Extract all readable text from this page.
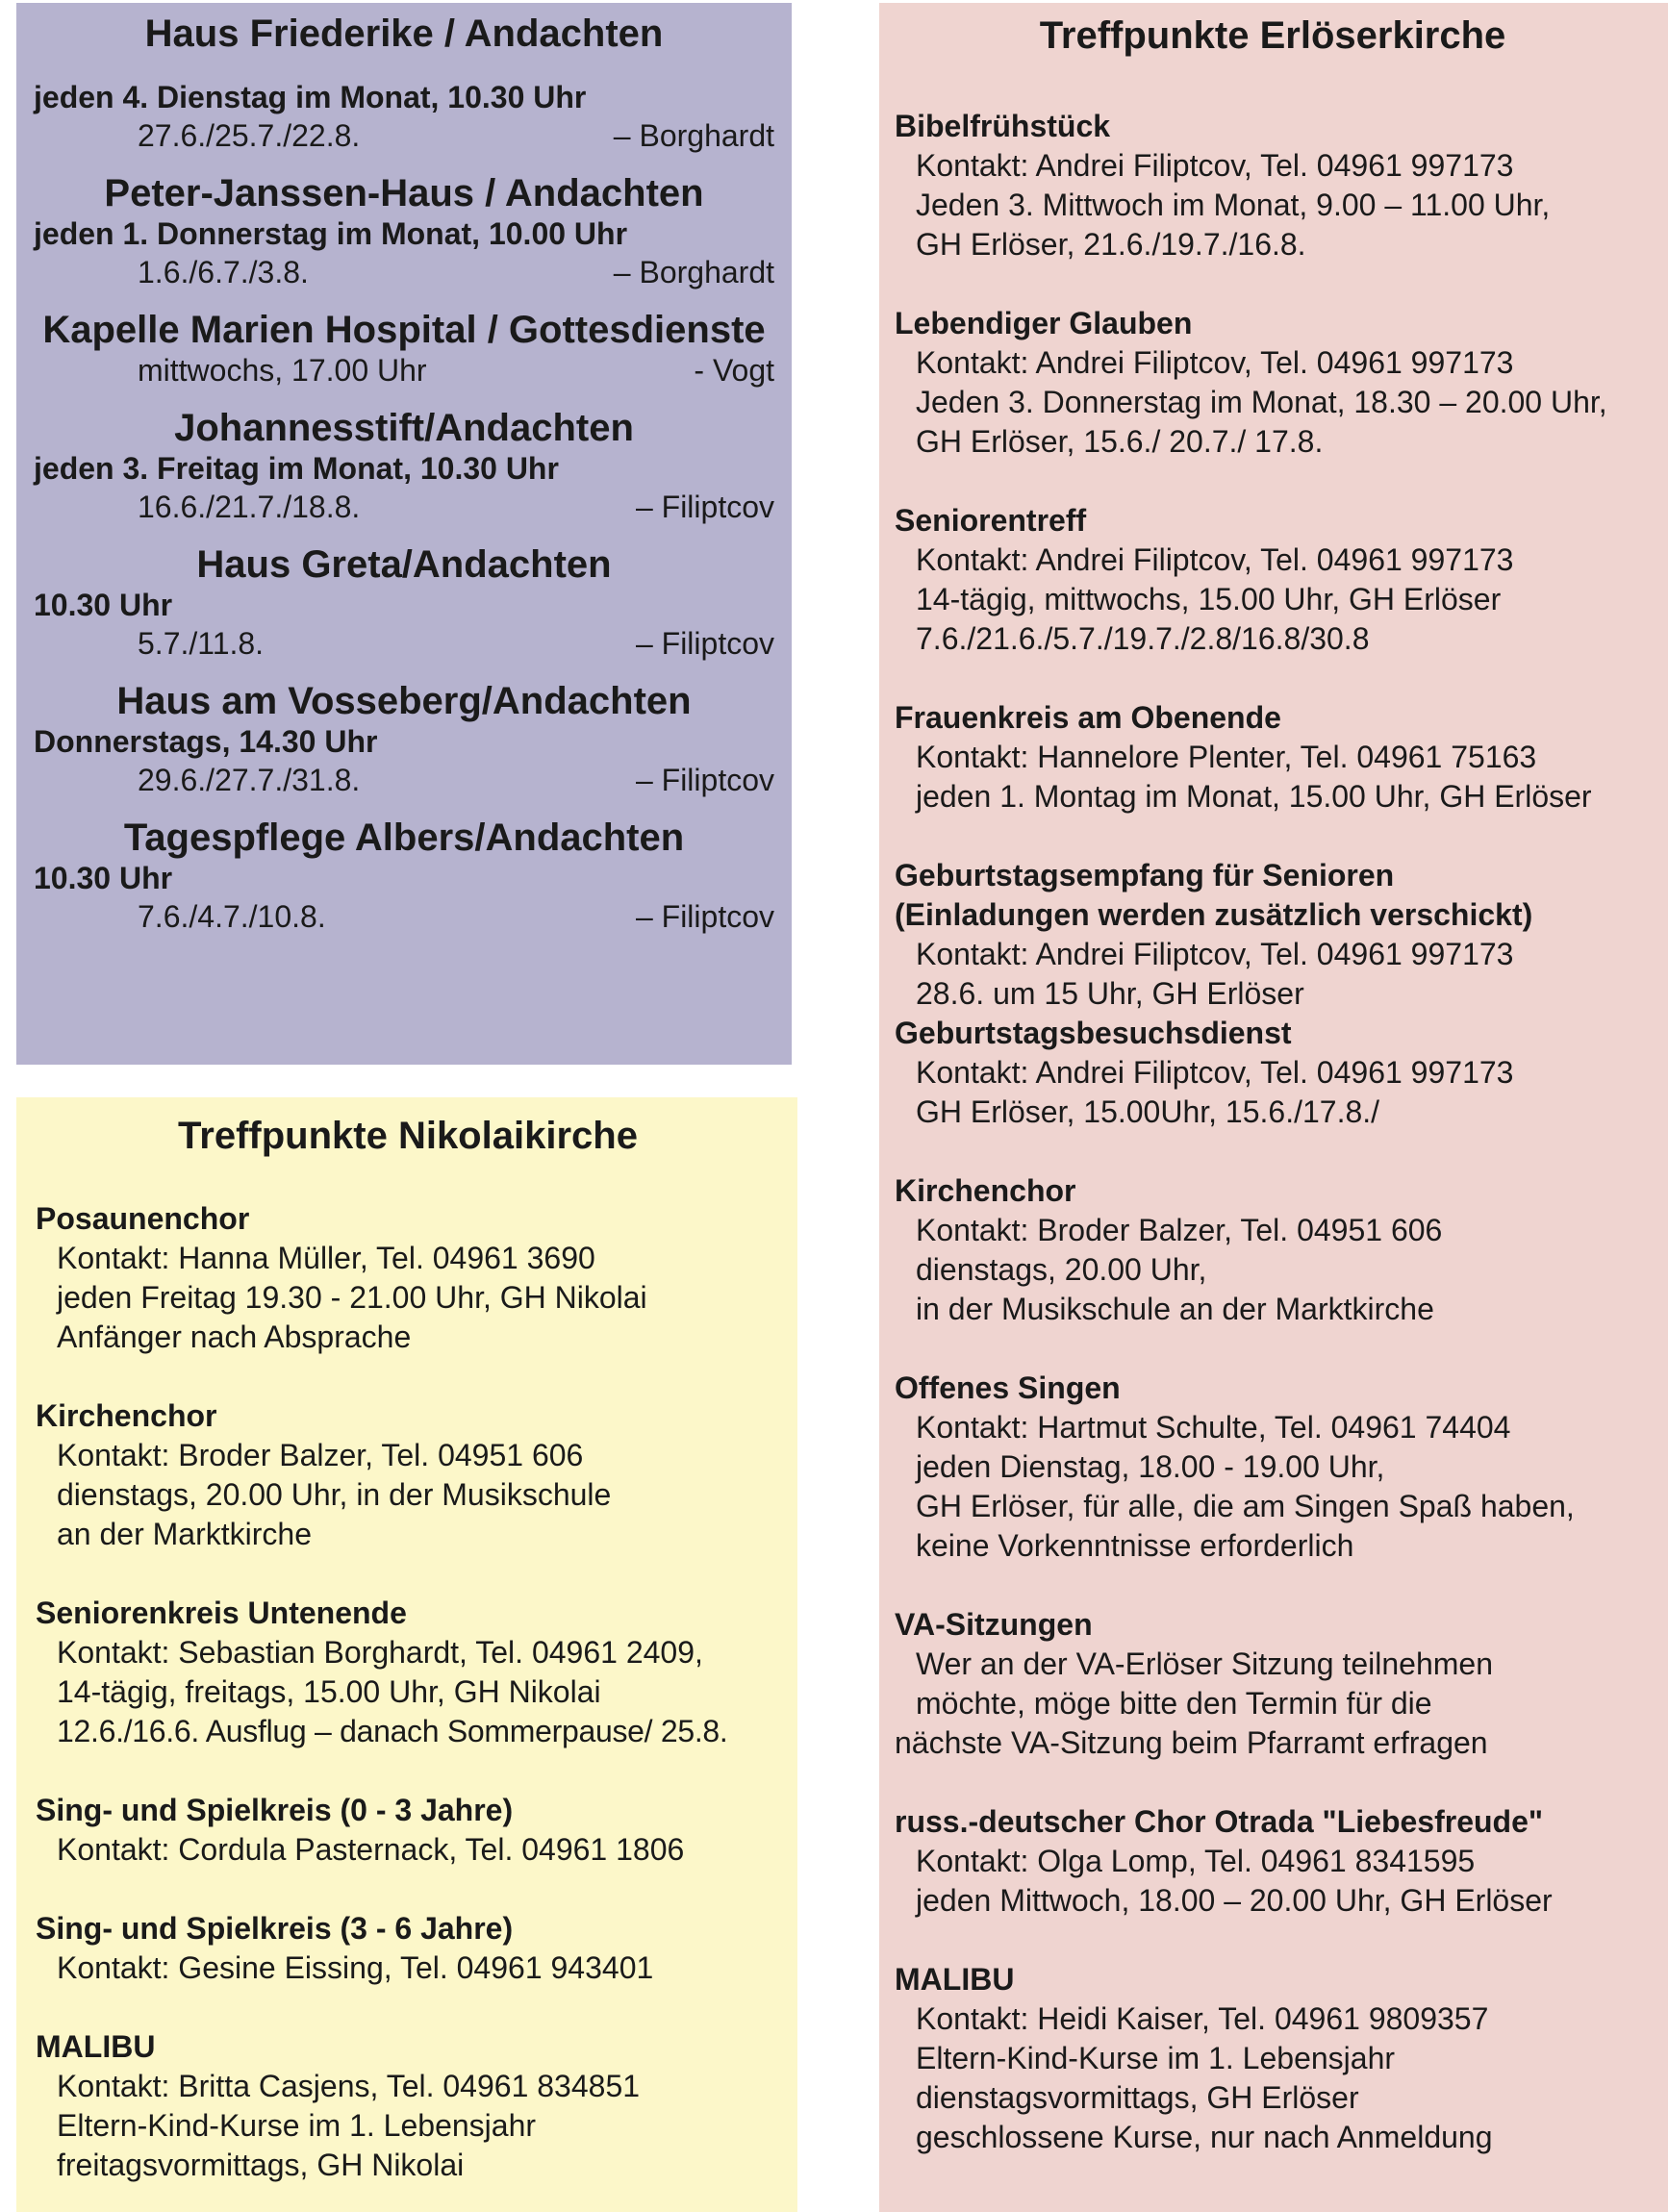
Haus Friederike / Andachten
jeden 4. Dienstag im Monat, 10.30 Uhr
27.6./25.7./22.8.	– Borghardt
Peter-Janssen-Haus / Andachten
jeden 1. Donnerstag im Monat, 10.00 Uhr
1.6./6.7./3.8.	– Borghardt
Kapelle Marien Hospital / Gottesdienste
mittwochs, 17.00 Uhr	- Vogt
Johannesstift/Andachten
jeden 3. Freitag im Monat, 10.30 Uhr
16.6./21.7./18.8.	– Filiptcov
Haus Greta/Andachten
10.30 Uhr
5.7./11.8.	– Filiptcov
Haus am Vosseberg/Andachten
Donnerstags, 14.30 Uhr
29.6./27.7./31.8.	– Filiptcov
Tagespflege Albers/Andachten
10.30 Uhr
7.6./4.7./10.8.	– Filiptcov
Treffpunkte Nikolaikirche
Posaunenchor
Kontakt: Hanna Müller, Tel. 04961 3690
jeden Freitag 19.30 - 21.00 Uhr, GH Nikolai
Anfänger nach Absprache
Kirchenchor
Kontakt: Broder Balzer, Tel. 04951 606
dienstags, 20.00 Uhr, in der Musikschule
an der Marktkirche
Seniorenkreis Untenende
Kontakt: Sebastian Borghardt, Tel. 04961 2409,
14-tägig, freitags, 15.00 Uhr, GH Nikolai
12.6./16.6. Ausflug – danach Sommerpause/ 25.8.
Sing- und Spielkreis (0 - 3 Jahre)
Kontakt: Cordula Pasternack, Tel. 04961 1806
Sing- und Spielkreis (3 - 6 Jahre)
Kontakt: Gesine Eissing, Tel. 04961 943401
MALIBU
Kontakt: Britta Casjens, Tel. 04961 834851
Eltern-Kind-Kurse im 1. Lebensjahr
freitagsvormittags, GH Nikolai
Treffpunkte Erlöserkirche
Bibelfrühstück
Kontakt: Andrei Filiptcov, Tel. 04961 997173
Jeden 3. Mittwoch im Monat, 9.00 – 11.00 Uhr,
GH Erlöser, 21.6./19.7./16.8.
Lebendiger Glauben
Kontakt: Andrei Filiptcov, Tel. 04961 997173
Jeden 3. Donnerstag im Monat, 18.30 – 20.00 Uhr,
GH Erlöser, 15.6./ 20.7./ 17.8.
Seniorentreff
Kontakt: Andrei Filiptcov, Tel. 04961 997173
14-tägig, mittwochs, 15.00 Uhr, GH Erlöser
7.6./21.6./5.7./19.7./2.8/16.8/30.8
Frauenkreis am Obenende
Kontakt: Hannelore Plenter, Tel. 04961 75163
jeden 1. Montag im Monat, 15.00 Uhr, GH Erlöser
Geburtstagsempfang für Senioren
(Einladungen werden zusätzlich verschickt)
Kontakt: Andrei Filiptcov, Tel. 04961 997173
28.6. um 15 Uhr, GH Erlöser
Geburtstagsbesuchsdienst
Kontakt: Andrei Filiptcov, Tel. 04961 997173
GH Erlöser, 15.00Uhr, 15.6./17.8./
Kirchenchor
Kontakt: Broder Balzer, Tel. 04951 606
dienstags, 20.00 Uhr,
in der Musikschule an der Marktkirche
Offenes Singen
Kontakt: Hartmut Schulte, Tel. 04961 74404
jeden Dienstag, 18.00 - 19.00 Uhr,
GH Erlöser, für alle, die am Singen Spaß haben,
keine Vorkenntnisse erforderlich
VA-Sitzungen
Wer an der VA-Erlöser Sitzung teilnehmen
möchte, möge bitte den Termin für die
nächste VA-Sitzung beim Pfarramt erfragen
russ.-deutscher Chor Otrada "Liebesfreude"
Kontakt: Olga Lomp, Tel. 04961 8341595
jeden Mittwoch, 18.00 – 20.00 Uhr, GH Erlöser
MALIBU
Kontakt: Heidi Kaiser, Tel. 04961 9809357
Eltern-Kind-Kurse im 1. Lebensjahr
dienstagsvormittags, GH Erlöser
geschlossene Kurse, nur nach Anmeldung
